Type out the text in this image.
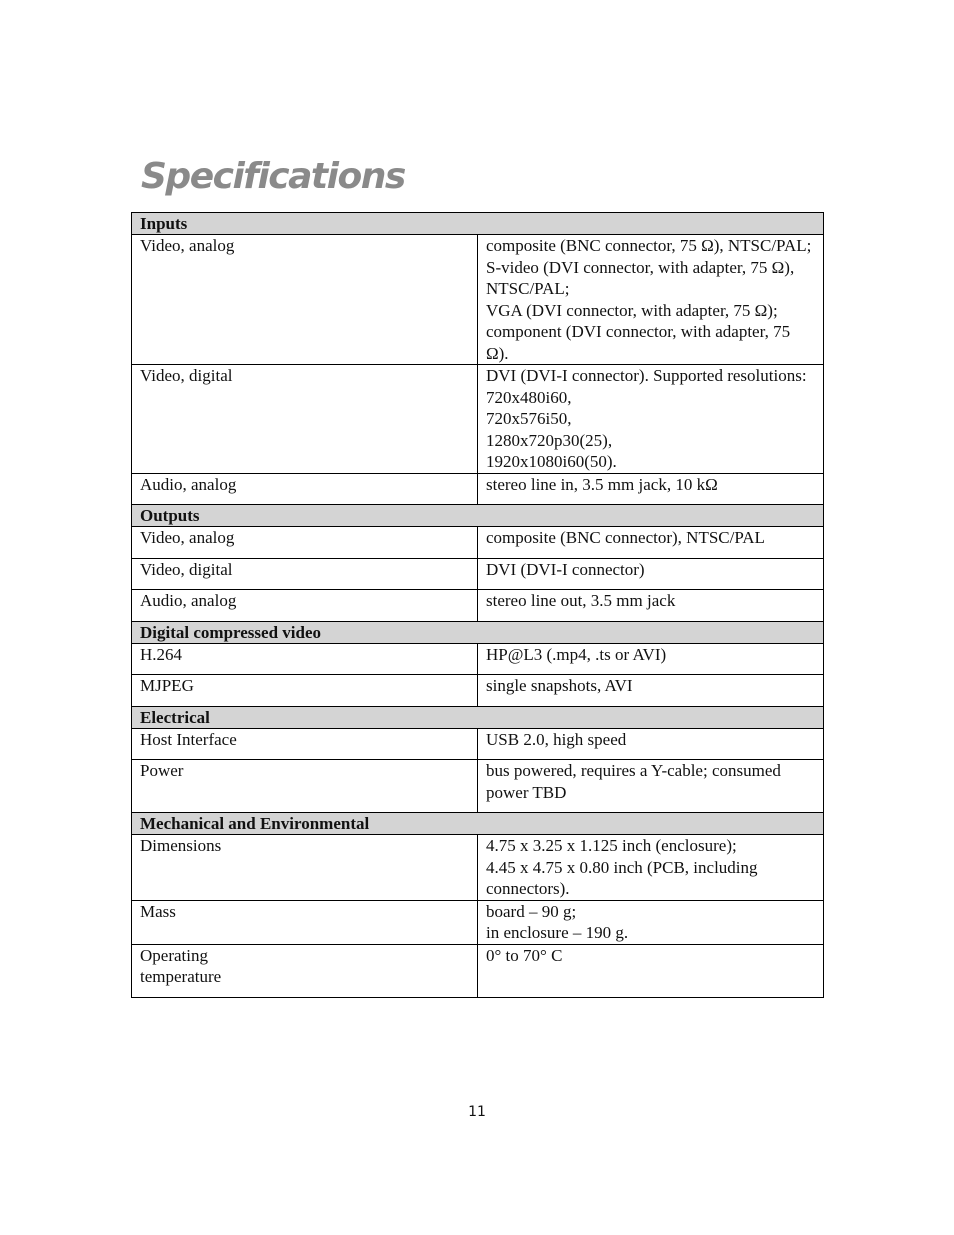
Specifications
Inputs	
Video, analog	composite (BNC connector, 75 Ω), NTSC/PAL;
S-video (DVI connector, with adapter, 75 Ω), NTSC/PAL;
VGA (DVI connector, with adapter, 75 Ω);
component (DVI connector, with adapter, 75 Ω).

Video, digital	DVI (DVI-I connector). Supported resolutions:
720x480i60,
720x576i50,
1280x720p30(25),
1920x1080i60(50).

Audio, analog	stereo line in, 3.5 mm jack, 10 kΩ
Outputs	
Video, analog	composite (BNC connector), NTSC/PAL
Video, digital	DVI (DVI-I connector)
Audio, analog	stereo line out, 3.5 mm jack
Digital compressed video	
H.264	HP@L3 (.mp4, .ts or AVI)
MJPEG	single snapshots, AVI
Electrical	
Host Interface	USB 2.0, high speed
Power	bus powered, requires a Y-cable; consumed power TBD
Mechanical and Environmental	
Dimensions	4.75 x 3.25 x 1.125 inch (enclosure);
4.45 x 4.75 x 0.80 inch (PCB, including connectors).

Mass	board – 90 g;
in enclosure – 190 g.

Operating
temperature	0° to 70° C
11
